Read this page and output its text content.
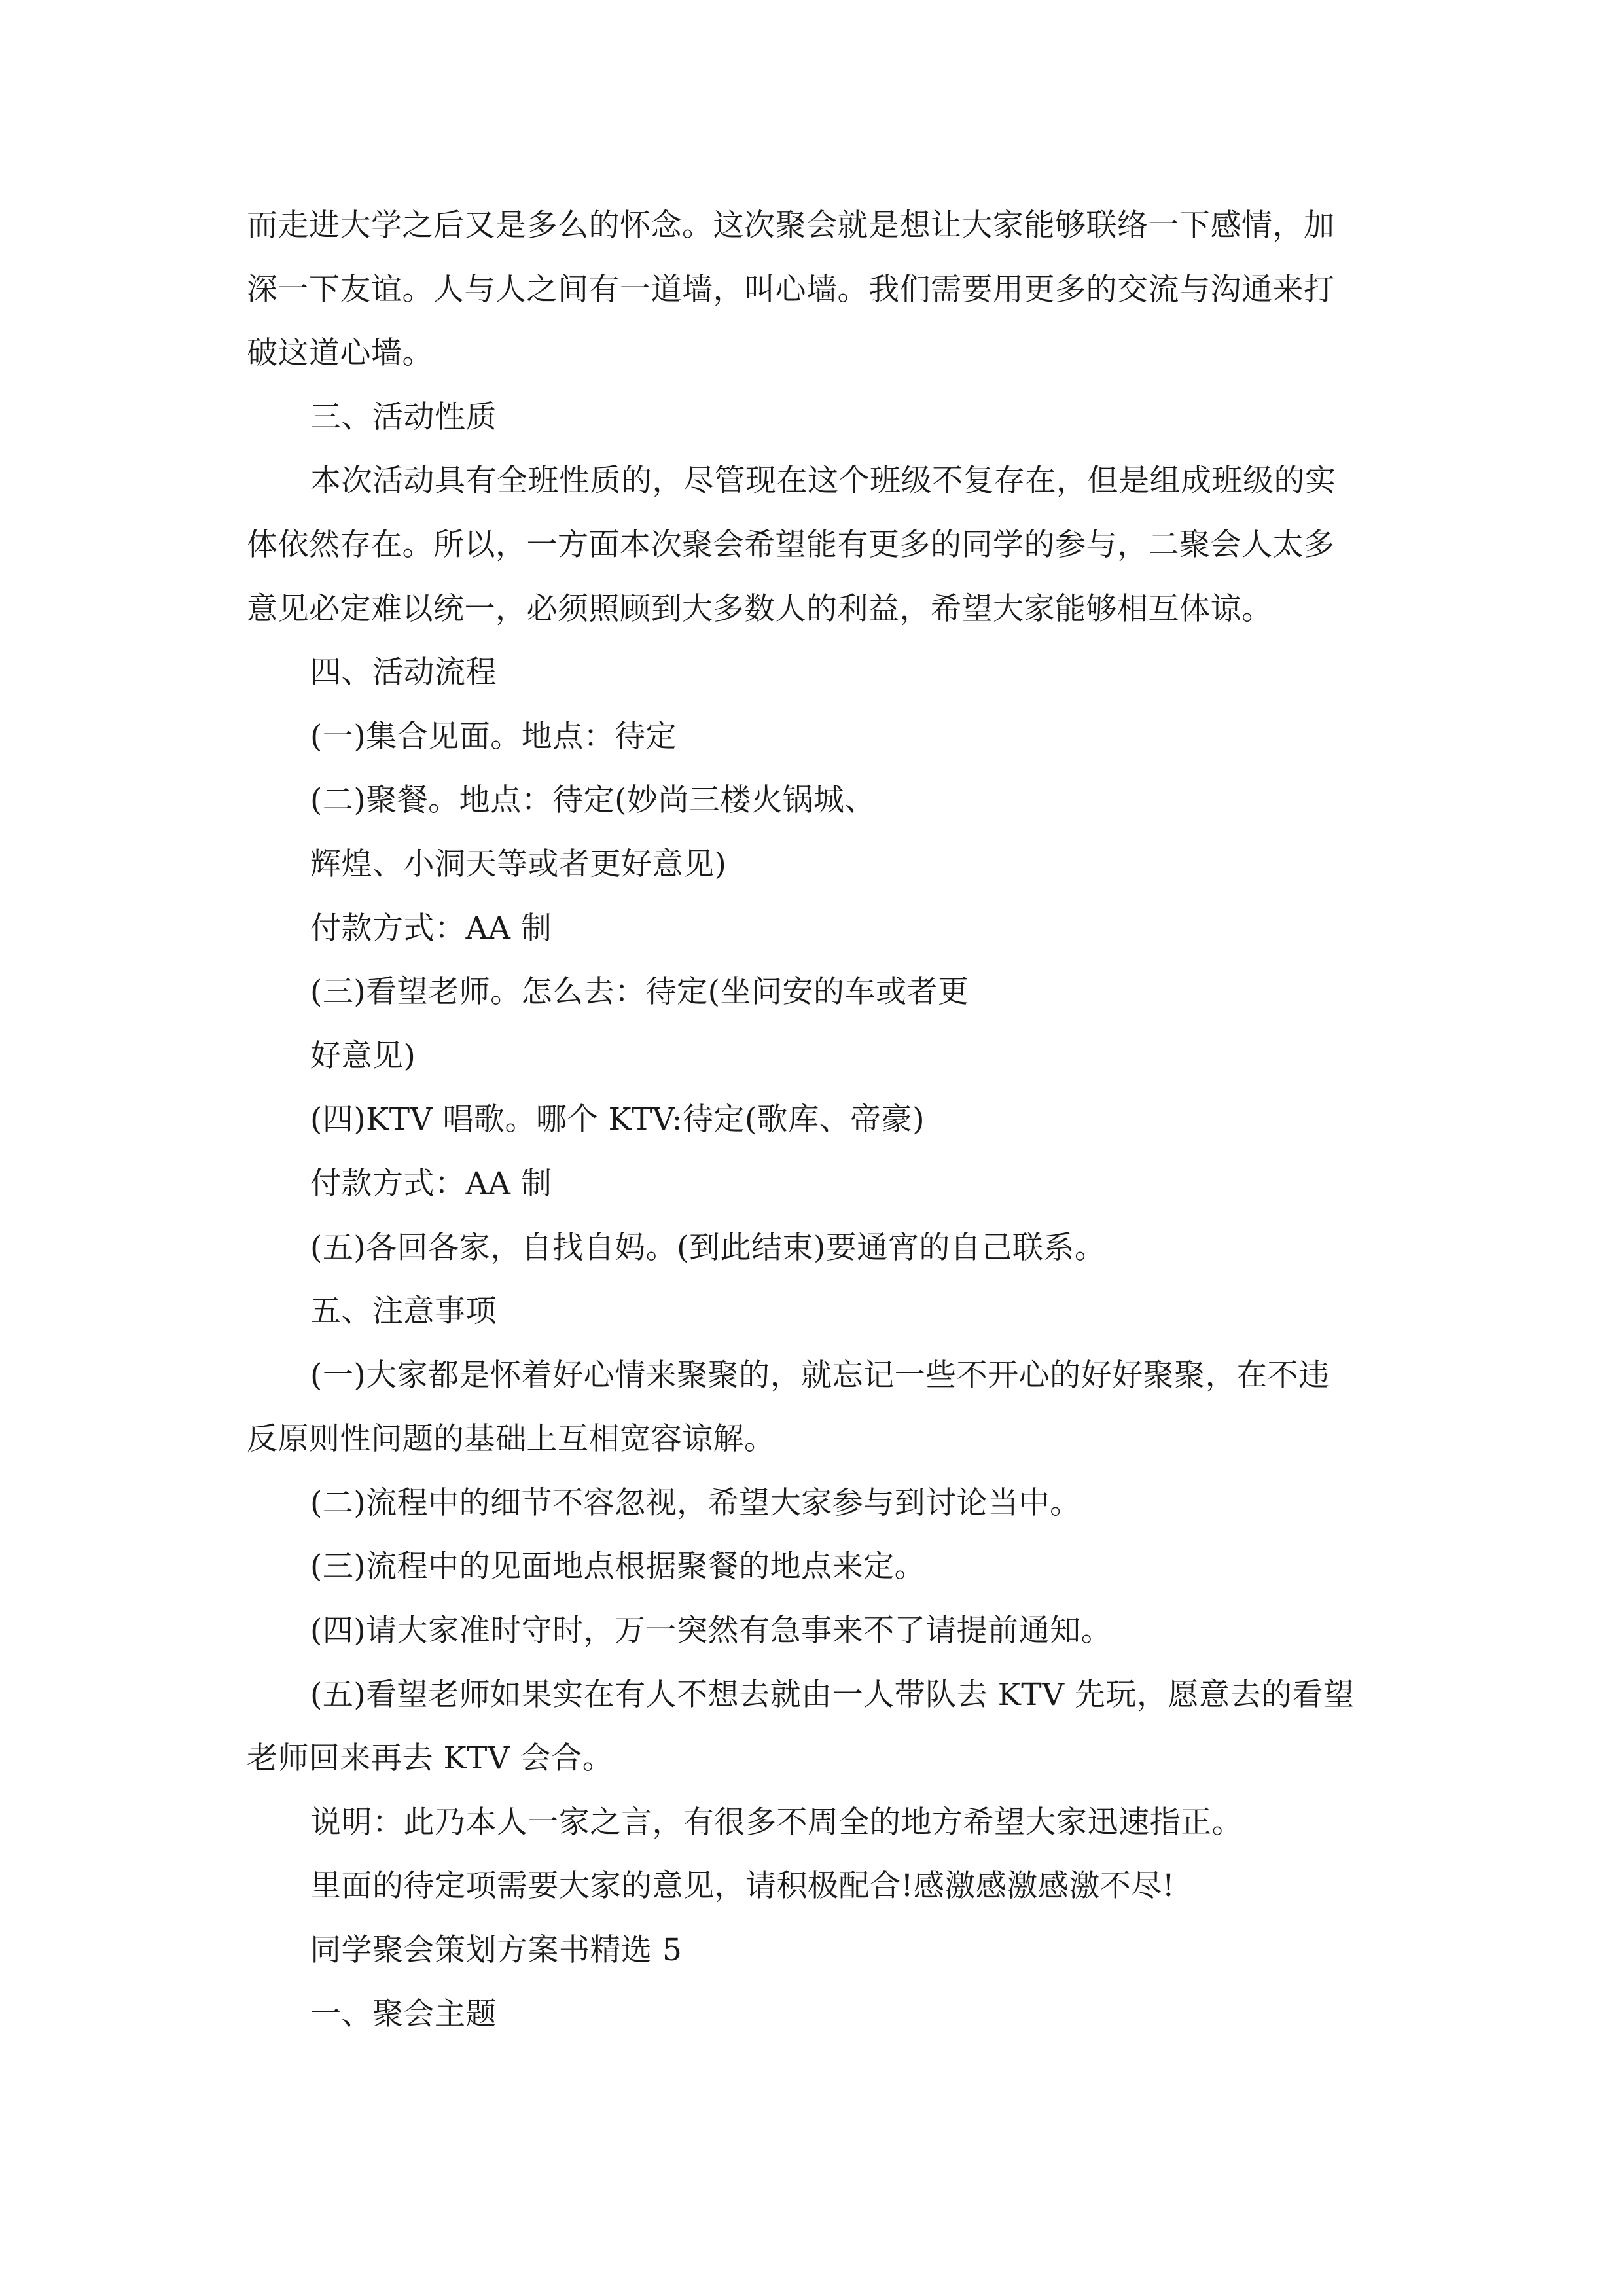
而走进大学之后又是多么的怀念。这次聚会就是想让大家能够联络一下感情，加
深一下友谊。人与人之间有一道墙，叫心墙。我们需要用更多的交流与沟通来打
破这道心墙。
三、活动性质
本次活动具有全班性质的，尽管现在这个班级不复存在，但是组成班级的实
体依然存在。所以，一方面本次聚会希望能有更多的同学的参与，二聚会人太多
意见必定难以统一，必须照顾到大多数人的利益，希望大家能够相互体谅。
四、活动流程
(一)集合见面。地点：待定
(二)聚餐。地点：待定(妙尚三楼火锅城、
辉煌、小洞天等或者更好意见)
付款方式：AA 制
(三)看望老师。怎么去：待定(坐问安的车或者更
好意见)
(四)KTV 唱歌。哪个 KTV:待定(歌库、帝豪)
付款方式：AA 制
(五)各回各家，自找自妈。(到此结束)要通宵的自己联系。
五、注意事项
(一)大家都是怀着好心情来聚聚的，就忘记一些不开心的好好聚聚，在不违
反原则性问题的基础上互相宽容谅解。
(二)流程中的细节不容忽视，希望大家参与到讨论当中。
(三)流程中的见面地点根据聚餐的地点来定。
(四)请大家准时守时，万一突然有急事来不了请提前通知。
(五)看望老师如果实在有人不想去就由一人带队去 KTV 先玩，愿意去的看望
老师回来再去 KTV 会合。
说明：此乃本人一家之言，有很多不周全的地方希望大家迅速指正。
里面的待定项需要大家的意见，请积极配合!感激感激感激不尽!
同学聚会策划方案书精选 5
一、聚会主题
